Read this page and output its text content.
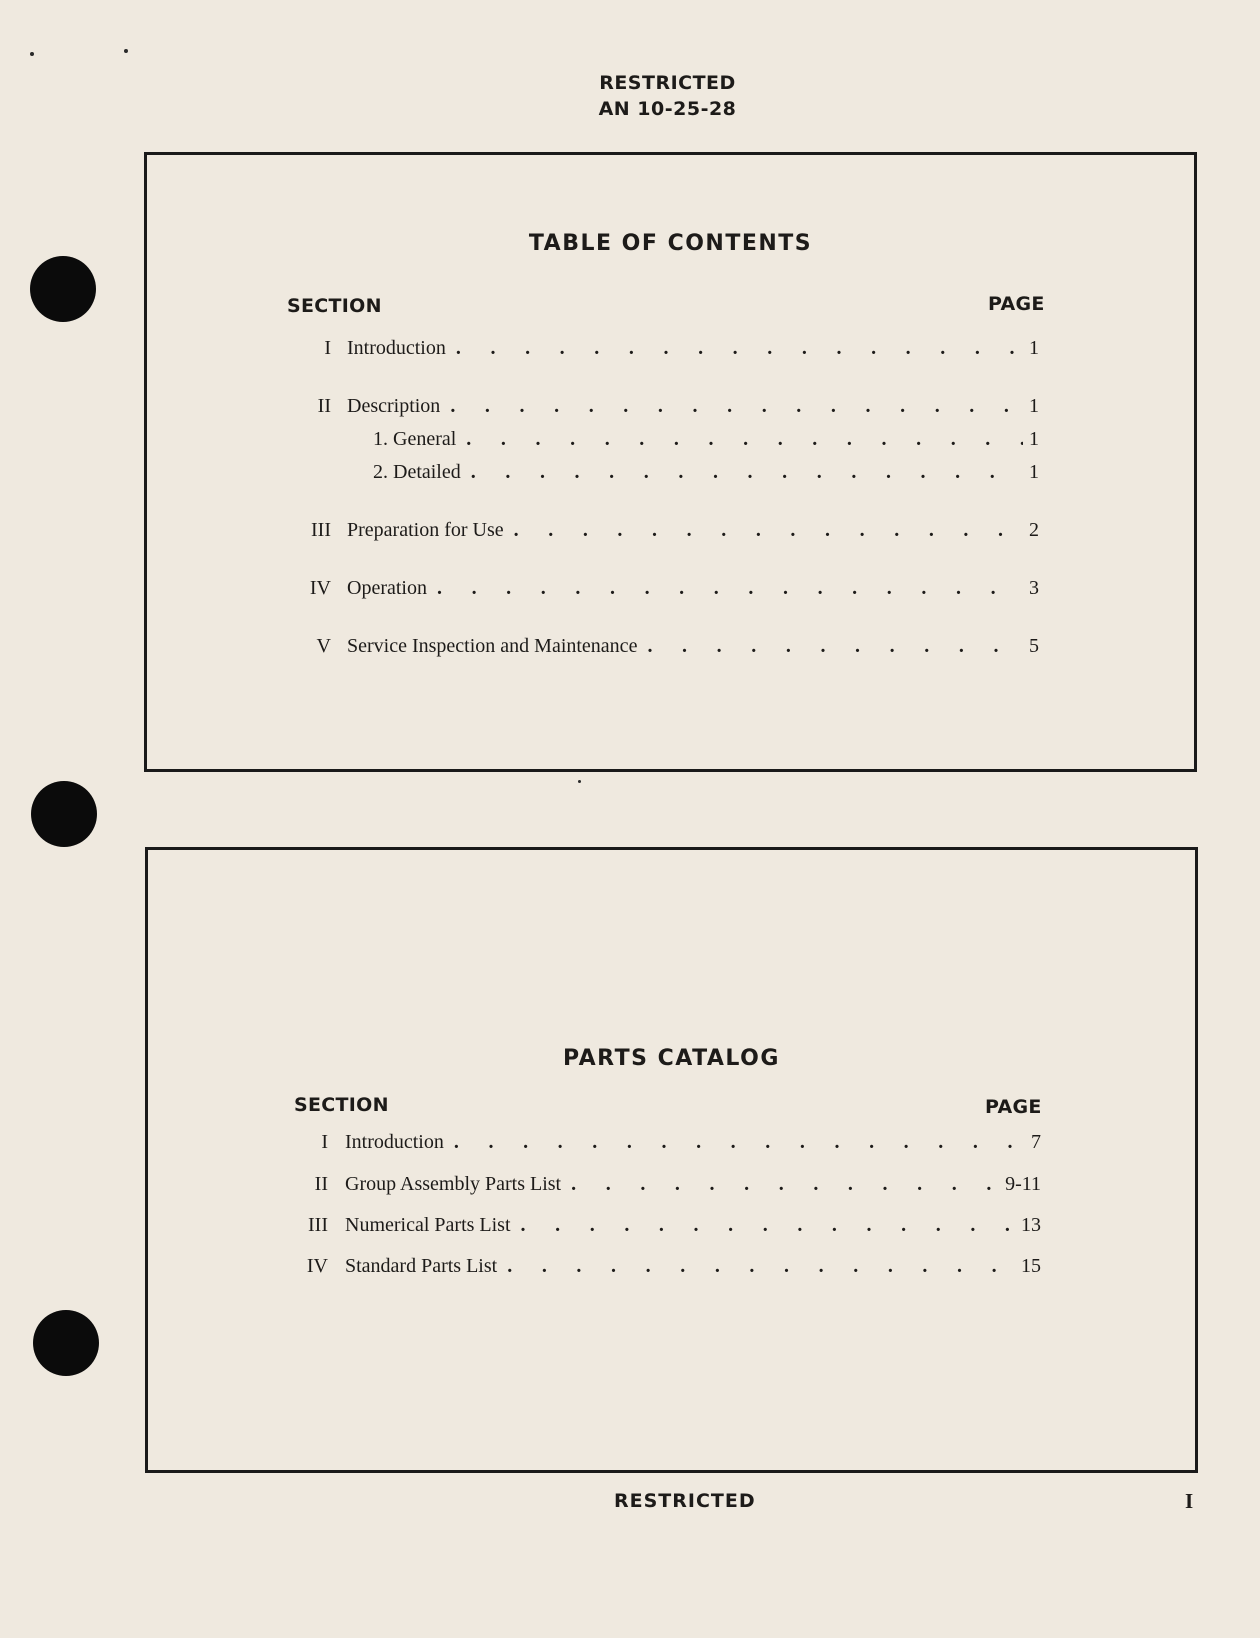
RESTRICTED
AN 10-25-28
TABLE OF CONTENTS
SECTION	PAGE
I Introduction . . .	1
II Description . . .	1
1. General . . .	1
2. Detailed . . .	1
III Preparation for Use . . .	2
IV Operation . . .	3
V Service Inspection and Maintenance . . .	5
PARTS CATALOG
SECTION	PAGE
I Introduction . . .	7
II Group Assembly Parts List . . .	9-11
III Numerical Parts List . . .	13
IV Standard Parts List . . .	15
RESTRICTED	I
